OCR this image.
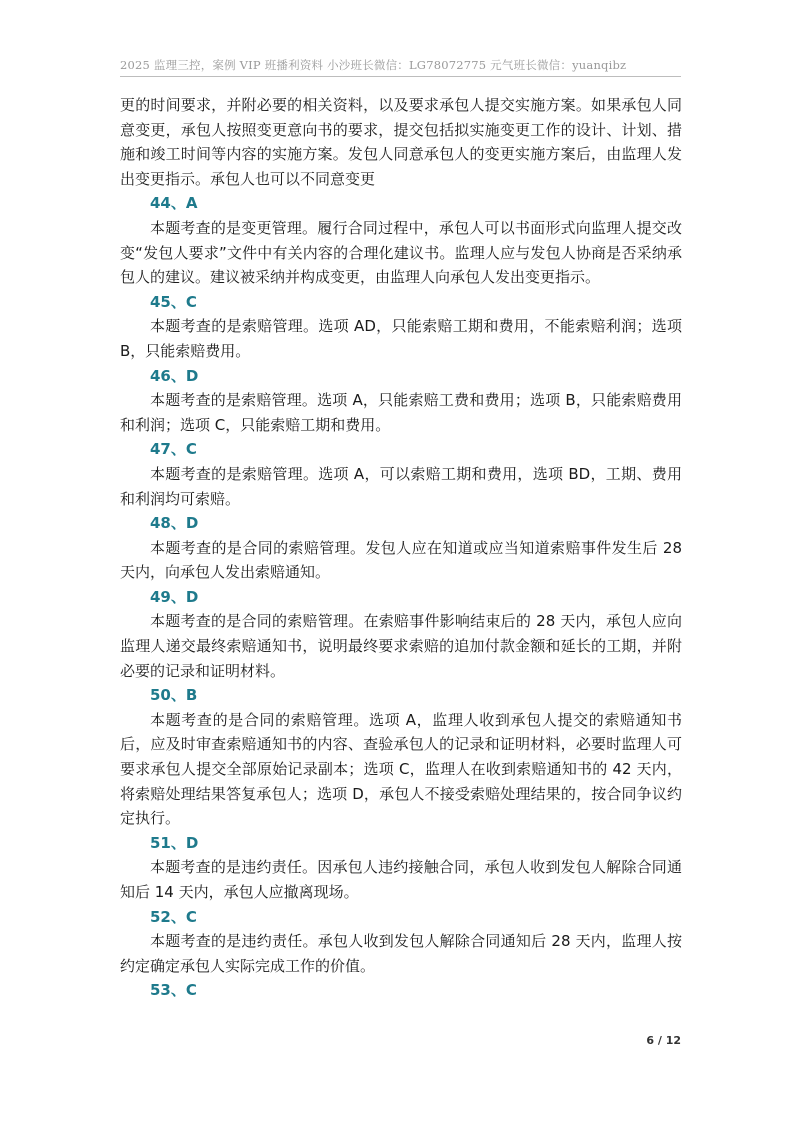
2025 监理三控，案例 VIP 班播利资料 小沙班长微信：LG78072775 元气班长微信：yuanqibz

更的时间要求，并附必要的相关资料，以及要求承包人提交实施方案。如果承包人同意变更，承包人按照变更意向书的要求，提交包括拟实施变更工作的设计、计划、措施和竣工时间等内容的实施方案。发包人同意承包人的变更实施方案后，由监理人发出变更指示。承包人也可以不同意变更

44、A

本题考查的是变更管理。履行合同过程中，承包人可以书面形式向监理人提交改变“发包人要求”文件中有关内容的合理化建议书。监理人应与发包人协商是否采纳承包人的建议。建议被采纳并构成变更，由监理人向承包人发出变更指示。

45、C

本题考查的是索赔管理。选项 AD，只能索赔工期和费用，不能索赔利润；选项 B，只能索赔费用。

46、D

本题考查的是索赔管理。选项 A，只能索赔工费和费用；选项 B，只能索赔费用和利润；选项 C，只能索赔工期和费用。

47、C

本题考查的是索赔管理。选项 A，可以索赔工期和费用，选项 BD，工期、费用和利润均可索赔。

48、D

本题考查的是合同的索赔管理。发包人应在知道或应当知道索赔事件发生后 28 天内，向承包人发出索赔通知。

49、D

本题考查的是合同的索赔管理。在索赔事件影响结束后的 28 天内，承包人应向监理人递交最终索赔通知书，说明最终要求索赔的追加付款金额和延长的工期，并附必要的记录和证明材料。

50、B

本题考查的是合同的索赔管理。选项 A，监理人收到承包人提交的索赔通知书后，应及时审查索赔通知书的内容、查验承包人的记录和证明材料，必要时监理人可要求承包人提交全部原始记录副本；选项 C，监理人在收到索赔通知书的 42 天内，将索赔处理结果答复承包人；选项 D，承包人不接受索赔处理结果的，按合同争议约定执行。

51、D

本题考查的是违约责任。因承包人违约接触合同，承包人收到发包人解除合同通知后 14 天内，承包人应撤离现场。

52、C

本题考查的是违约责任。承包人收到发包人解除合同通知后 28 天内，监理人按约定确定承包人实际完成工作的价值。

53、C

6 / 12
